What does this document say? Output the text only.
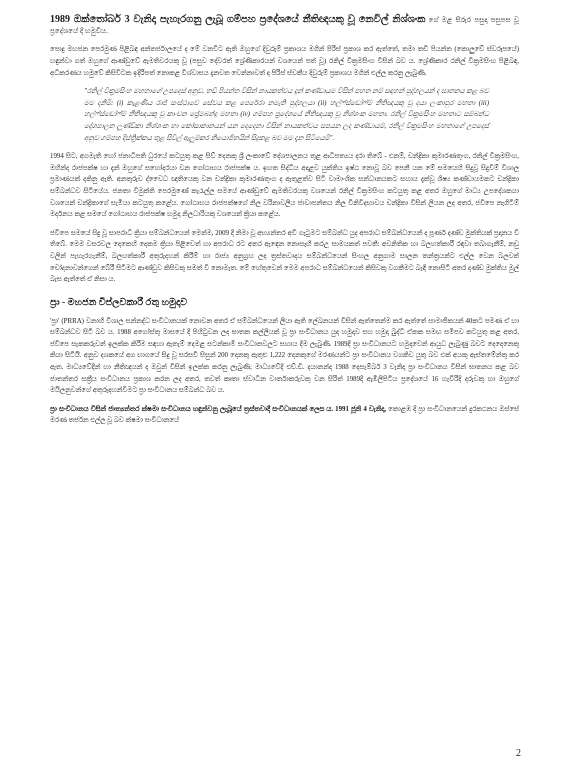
1989 ඔක්තෝබර් 3 වැනිදා පැහැරගනු ලැබූ ගම්පහ ප්‍රදේශයේ නීතිඥයකු වූ නෙවිල් නිශ්ශංක ගේ මළ සිරුර පසුදා පසුපස වූ ප්‍රදේශයේ දී හමුවිය.

පොදු මහජන පෙරමුණ පිළිබඳ අන්තර්ජාලයේ ද මේ වනවිට ඇති ඔහුගේ දිවුරුම් ප්‍රකාශය මගින් පිරිස් ප්‍රකාශ කර ඇත්තේ, තමා තඩි පියන්ත (කොලුවේ ස්වරූපයේ) හඳුන්වා ගත් ඔහුගේ ආණ්ඩුවේ ඇමතිවරයකු වූ (පසුව දේවරත් ශ්‍රේණිකාරයන් වශයෙන් පත් වූ) රනිල් වික්‍රමසිංහ විසින් බව ය. ශ්‍රේණිකාර රනිල් වික්‍රමසිංහ පිළිබඳ, අධිකරණය හමුවේ කිසිවිටක ඉදිරිපත් නොකළ විශ්වාසය දැනවත වෙන්නාවත් ද පිරිස් ස්වකීය දිවුරුම් ප්‍රකාශය මගින් එල්ල කරනු ලැබුණි.

"රනිල් වික්‍රමසිංහ මහතාගේ උපදෙස් අනුව, තඩි පියන්ත විසින් නායකත්වය දුන් කණ්ඩායම විසින් පහත නම් සඳහන් පුද්ගලයන් ද ඝාතනය කළ බව මම දනිමි: (i) කැළණිය රාජ් සංස්ථාවේ සේවය කළ පෙරේරා නමැති පුද්ගලයා (ii) හල්ෆ්ස්ඩෝෆ්ම් නීතිඥයකු වූ දයා ලංකාපුර මහතා (iii) හල්ෆ්ස්ඩෝෆ්ම් නීතිඥයකු වූ කාංචන ප්‍රේමබන්දු මහතා (iv) ගම්පහ ප්‍රදේශයේ නීතිඥයකු වූ නිශ්ශංක මහතා. රනිල් වික්‍රමසිංහ මහතාට සම්බන්ධ දේශපාලන ලූණ්ඩිකා නිශ්ශංක හා කෝසාකානයන් යන දෙදෙනා විසින් නායකත්වය සපයන ලද කණ්ඩායම්, රනිල් වික්‍රමසිංහ මහතාගේ උපදෙස් අනුව ගම්පහ දිස්ත්‍රික්කය තුළ සිවිල් ඇලුම්කර නියොජිතයින් සිදුකළ බව මම දැන සිටියෙමි".

1994 සිට, අගමැති හෝ ජනාධිපති ධුරයේ කටයුතු කළ සිව් දෙනකු ශ්‍රී ලංකාවේ දේශපාලනය තුළ ආධිපත්‍යය දරා තිබේ - එනම්, චන්ද්‍රිකා කුමාරණතුංග, රනිල් වික්‍රමසිංහ, මහින්ද රාජපක්ෂ හා දැන් ඔහුගේ සහෝදරයා වන ගෝඨාභය රාජපක්ෂ ය. ඉහත සිද්ධිය අදාළව යුක්තිය ඉෂ්ඨ නොවූ බව පෙනී යන මේ සමයෙහි සිදුවූ සිදුවීම් විශාල ප්‍රමාණයක් දකිනු ඇති. අනතුරුව ද්වෛධ ඥාතියෙකු වන චන්ද්‍රිකා කුමාරණතුංග ද ඇතුළත්ව සිටි වාමාංශික සන්ධානයකට සහාය දැක්වූ ශිෂ්‍ය කණ්ඩායමකට චන්ද්‍රිකා සම්බන්ධව සිටියේය. ජනතා විමුක්ති පෙරමුණේ කැරැල්ල සමයේ ආණ්ඩුවේ ඇමතිවරයකු වශයෙන් රනිල් වික්‍රමසිංහ කටයුතු කළ අතර ඔහුගේ මාධ්‍ය උපදේශකයා වශයෙන් චන්ද්‍රිකාගේ සැමියා කටයුතු කළේය. ගෝඨාභය රාජපක්ෂගේ නිල වරිනාවලිය ජාවාපන්තය නිල විනිවිදභාවය චන්ද්‍රිකා විසින් ලියන ලද අතර, ජවිපෙ නැගිටීම් මර්දනය කළ සමයේ ගෝඨාභය රාජපක්ෂ හමුදා නිලධාරියකු වශයෙන් ක්‍රියා කළේය.

ජවිපෙ සමයේ සිදු වූ සාපරාධී ක්‍රියා සම්බන්ධයෙන් මෙන්ම, 2009 දී නිමා වූ අභ්‍යන්තර අවි ගැටුමට සම්බන්ධ යුද අපරාධ සම්බන්ධයෙන් ද පූර්ණ දණ්ඩ මුක්තියක් ප්‍රදානය වී තිබේ. මෙම වසරවල දෙකෙහි දෙකම ක්‍රියා පිළිවෙත් හා අපරාධ රට අතර ඇඳෙන නොසෑහී කරඋ සාමයකත් පවතී: අවනිතික හා බලහත්කාරී රඳවා තබාගැනීම්, නඩු වලින් පැහැරගැනීම්, බලහත්කාරී අතුරුදහන් කිරීම් හා රාජ්‍ය අනුග්‍රහ ලද ත්‍රස්තවාදය සම්බන්ධයෙන් සිංහල අනුගාම සාලන තන්ත්‍රයන්ට එල්ල වෙන බලවත් චෝදනාවන්ගෙන් බේරී සිටීමට ආණ්ඩුව කිසිවකු සමත් වී නොමැත. මේ හේතුවෙන් මෙම අපරාධ සම්බන්ධයෙන් කිසිවකු වගකීමට බැඳී නොසිටි අතර දණ්ඩ මුක්තිය මුල් බැස ඇත්තේ ඒ නිසා ය.

ප්‍රා - මහජන විප්ලවකාරී රතු හමුදාව

'ප්‍රා' (PRRA) වනාහි විශාල සන්නද්ධ සංවිධානයක් නොවන අතර ඒ සම්බන්ධයෙන් ලියා ඇති ලේඛනයන් විසින් ඇත්තෙන්ම කර ඇත්තේ සාමාජිකයන් 40කට පමණ ඒ හා සම්බන්ධව සිටි බව ය. 1988 අගෝස්තු මාසයේ දී පිහිටුවන ලද ඝාතක කල්ලියක් වූ ප්‍රා සංවිධානය යුද හමුදාව සහ හමුදා බුද්ධි ඒකක සමඟ සමීපව කටයුතු කළ අතර, ජවිපෙ සැකකරුවන් ඉලක්ක කිරීම සඳහා ඇතැම් දෙමළ සටන්කාමී සංවිධානවලට සහාය දීම ලැබුණි. 1989දී ප්‍රා සංවිධානයට හමුදාවෙන් ආයුධ ලැබුණු බවට දෙදෙනෙකු කියා සිටියී. අනුව දශකයේ අග භාගයේ සිදු වූ සරසවි සිසුන් 200 දෙනකු ඇතුළු 1,222 දෙනකුගේ මරණයන්ට ප්‍රා සංවිධානය වගකිව යුතු බව එක් අයකු ඇස්තමේන්තු කර ඇත. මාධ්‍යවේදීන් හා නීතිඥයන් ද ඔවුන් විසින් ඉලක්ක කරනු ලැබුණි; මාධ්‍යවේදී එච්.ඩී. දයානන්ද 1988 දෙසැම්බර් 3 වැනිදා ප්‍රා සංවිධානය විසින් ඝාතනය කළ බව ජාතන්තර සක්‍රීය සංවිධානය ප්‍රකාශ කරන ලද අතර, තවත් කෘතා ස්වාධීන වාර්තාකරුවකු වන සිරිත් 1989දී ඇඹිලිපිටිය ප්‍රදේශයේ 16 හැවිරිදි දරුවකු හා ඔහුගේ මයිලනුවන්ගේ අතුරුදහන්වීමට ප්‍රා සංවිධානය සම්බන්ධ බව ය.

ප්‍රා සංවිධානය විසින් ජාත්‍යන්තර ක්ෂමා සංවිධානය හඳුන්වනු ලැබූයේ ත්‍රස්තවාදී සංවිධානයක් ලෙස ය. 1991 ජූනි 4 වැනිදා, කොළඹ දී ප්‍රා සංවිධානයෙන් දුරකථනය ඔස්සේ මරණ තර්ජන එල්ල වූ බව ක්ෂමා සංවිධානයේ

2
